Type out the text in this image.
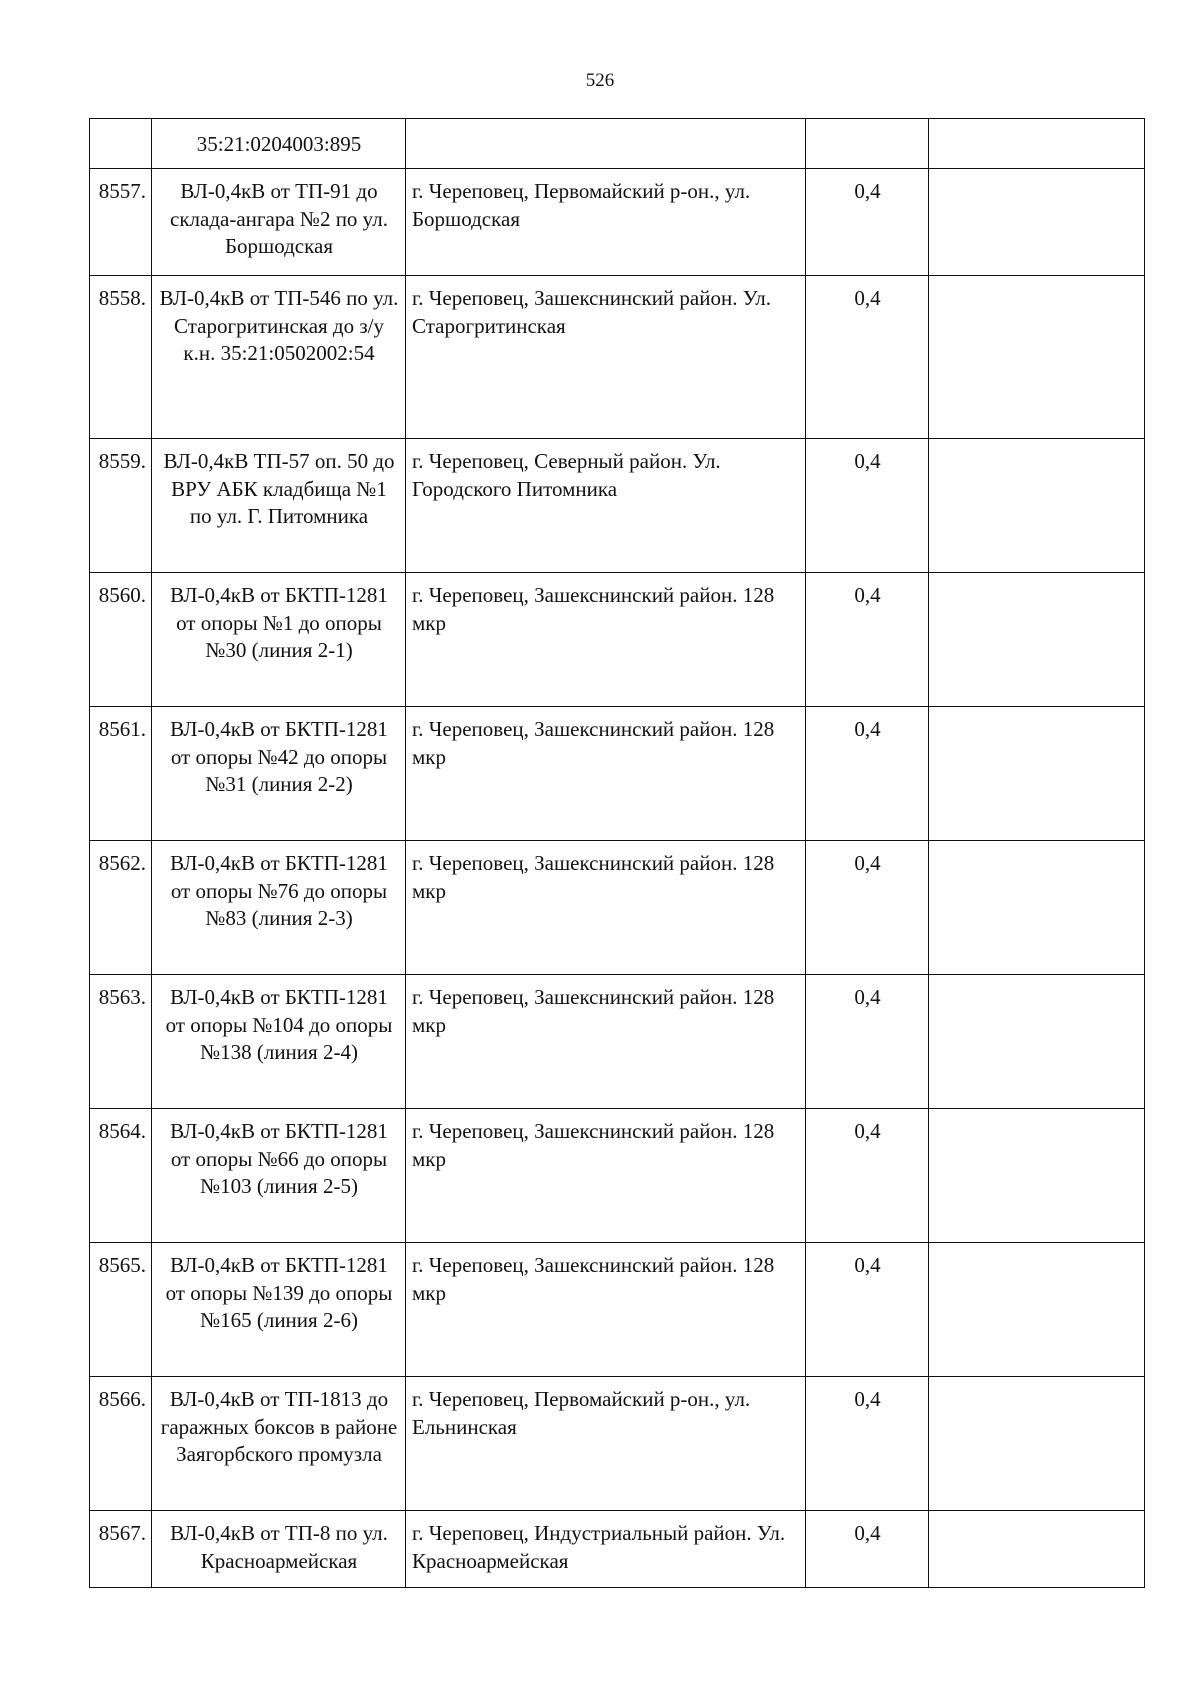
526
	35:21:0204003:895			
8557.	ВЛ-0,4кВ от ТП-91 до склада-ангара №2 по ул. Боршодская	г. Череповец, Первомайский р-он., ул. Боршодская	0,4	
8558.	ВЛ-0,4кВ от ТП-546 по ул. Старогритинская до з/у к.н. 35:21:0502002:54	г. Череповец, Зашекснинский район. Ул. Старогритинская	0,4	
8559.	ВЛ-0,4кВ ТП-57 оп. 50 до ВРУ АБК кладбища №1 по ул. Г. Питомника	г. Череповец, Северный район. Ул. Городского Питомника	0,4	
8560.	ВЛ-0,4кВ от БКТП-1281 от опоры №1 до опоры №30 (линия 2-1)	г. Череповец, Зашекснинский район. 128 мкр	0,4	
8561.	ВЛ-0,4кВ от БКТП-1281 от опоры №42 до опоры №31 (линия 2-2)	г. Череповец, Зашекснинский район. 128 мкр	0,4	
8562.	ВЛ-0,4кВ от БКТП-1281 от опоры №76 до опоры №83 (линия 2-3)	г. Череповец, Зашекснинский район. 128 мкр	0,4	
8563.	ВЛ-0,4кВ от БКТП-1281 от опоры №104 до опоры №138 (линия 2-4)	г. Череповец, Зашекснинский район. 128 мкр	0,4	
8564.	ВЛ-0,4кВ от БКТП-1281 от опоры №66 до опоры №103 (линия 2-5)	г. Череповец, Зашекснинский район. 128 мкр	0,4	
8565.	ВЛ-0,4кВ от БКТП-1281 от опоры №139 до опоры №165 (линия 2-6)	г. Череповец, Зашекснинский район. 128 мкр	0,4	
8566.	ВЛ-0,4кВ от ТП-1813 до гаражных боксов в районе Заягорбского промузла	г. Череповец, Первомайский р-он., ул. Ельнинская	0,4	
8567.	ВЛ-0,4кВ от ТП-8 по ул. Красноармейская	г. Череповец, Индустриальный район. Ул. Красноармейская	0,4	
